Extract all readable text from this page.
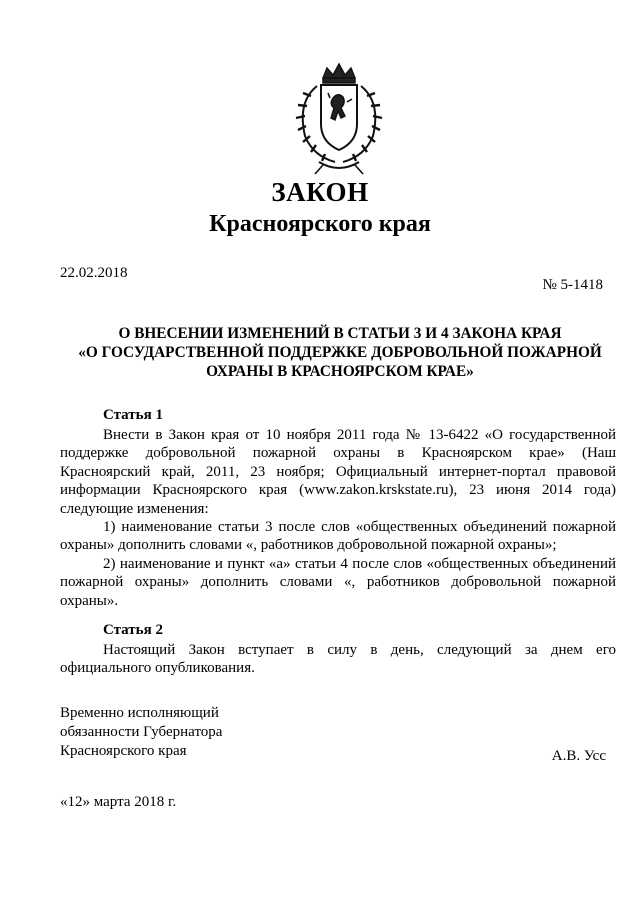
ЗАКОН
Красноярского края
22.02.2018
№ 5-1418
О ВНЕСЕНИИ ИЗМЕНЕНИЙ В СТАТЬИ 3 И 4 ЗАКОНА КРАЯ
«О ГОСУДАРСТВЕННОЙ ПОДДЕРЖКЕ ДОБРОВОЛЬНОЙ ПОЖАРНОЙ
ОХРАНЫ В КРАСНОЯРСКОМ КРАЕ»
Статья 1
Внести в Закон края от 10 ноября 2011 года № 13-6422 «О государственной
поддержке добровольной пожарной охраны в Красноярском крае» (Наш
Красноярский край, 2011, 23 ноября; Официальный интернет-портал правовой
информации Красноярского края (www.zakon.krskstate.ru), 23 июня 2014 года)
следующие изменения:
1) наименование статьи 3 после слов «общественных объединений пожарной
охраны» дополнить словами «, работников добровольной пожарной охраны»;
2) наименование и пункт «а» статьи 4 после слов «общественных объединений
пожарной охраны» дополнить словами «, работников добровольной пожарной
охраны».
Статья 2
Настоящий Закон вступает в силу в день, следующий за днем его
официального опубликования.
Временно исполняющий
обязанности Губернатора
Красноярского края	А.В. Усс
«12» марта 2018 г.
